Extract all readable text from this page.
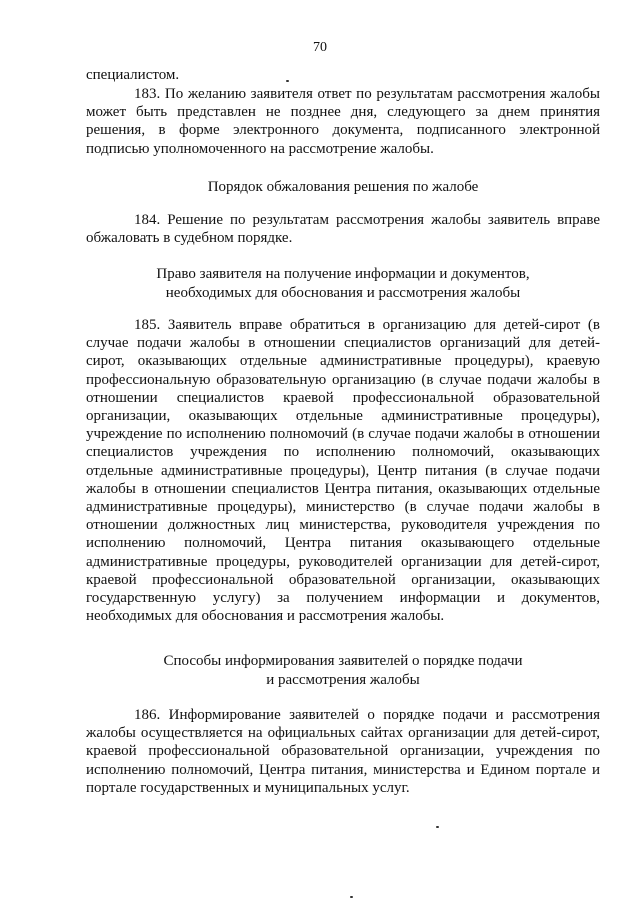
70
специалистом.
183. По желанию заявителя ответ по результатам рассмотрения жалобы может быть представлен не позднее дня, следующего за днем принятия решения, в форме электронного документа, подписанного электронной подписью уполномоченного на рассмотрение жалобы.
Порядок обжалования решения по жалобе
184. Решение по результатам рассмотрения жалобы заявитель вправе обжаловать в судебном порядке.
Право заявителя на получение информации и документов,
необходимых для обоснования и рассмотрения жалобы
185. Заявитель вправе обратиться в организацию для детей-сирот (в случае подачи жалобы в отношении специалистов организаций для детей-сирот, оказывающих отдельные административные процедуры), краевую профессиональную образовательную организацию (в случае подачи жалобы в отношении специалистов краевой профессиональной образовательной организации, оказывающих отдельные административные процедуры), учреждение по исполнению полномочий (в случае подачи жалобы в отношении специалистов учреждения по исполнению полномочий, оказывающих отдельные административные процедуры), Центр питания (в случае подачи жалобы в отношении специалистов Центра питания, оказывающих отдельные административные процедуры), министерство (в случае подачи жалобы в отношении должностных лиц министерства, руководителя учреждения по исполнению полномочий, Центра питания оказывающего отдельные административные процедуры, руководителей организации для детей-сирот, краевой профессиональной образовательной организации, оказывающих государственную услугу) за получением информации и документов, необходимых для обоснования и рассмотрения жалобы.
Способы информирования заявителей о порядке подачи
и рассмотрения жалобы
186. Информирование заявителей о порядке подачи и рассмотрения жалобы осуществляется на официальных сайтах организации для детей-сирот, краевой профессиональной образовательной организации, учреждения по исполнению полномочий, Центра питания, министерства и Едином портале и портале государственных и муниципальных услуг.
